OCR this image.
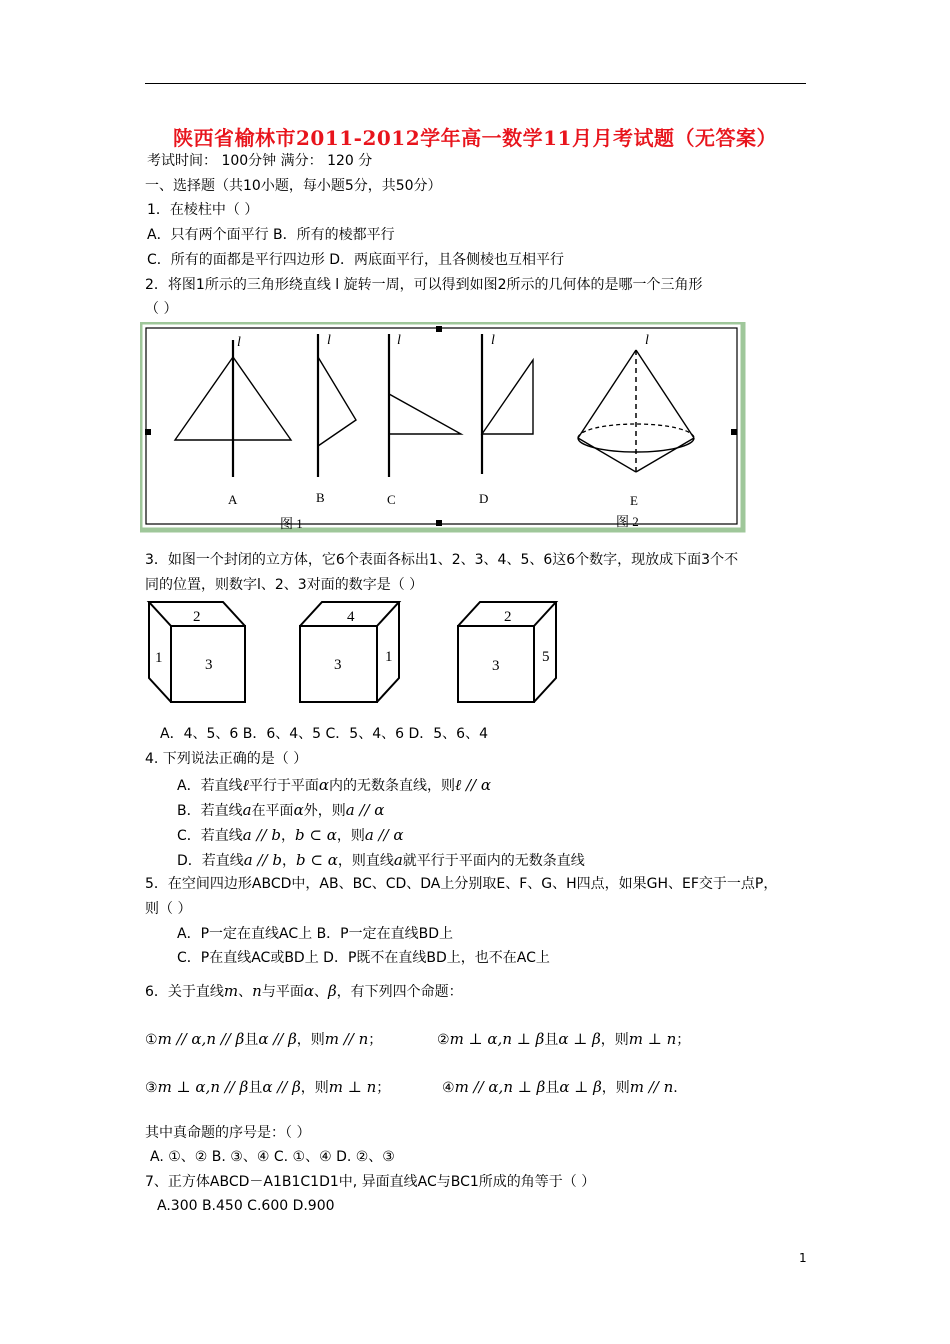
陕西省榆林市2011-2012学年高一数学11月月考试题（无答案）
考试时间： 100分钟 满分： 120 分
一、选择题（共10小题，每小题5分，共50分）
1．在棱柱中（ ）
A．只有两个面平行 B．所有的棱都平行
C．所有的面都是平行四边形 D．两底面平行，且各侧棱也互相平行
2．将图1所示的三角形绕直线 l 旋转一周，可以得到如图2所示的几何体的是哪一个三角形
（ ）
l	l	l	l	l
A	B	C	D	E
图 1	图 2
3．如图一个封闭的立方体，它6个表面各标出1、2、3、4、5、6这6个数字，现放成下面3个不
同的位置，则数字l、2、3对面的数字是（ ）
2
1	3
4
3	1
2
3
5
A．4、5、6 B．6、4、5 C．5、4、6 D．5、6、4
4. 下列说法正确的是（ ）
A．若直线ℓ平行于平面α内的无数条直线，则ℓ // α
B．若直线a在平面α外，则a // α
C．若直线a // b，b ⊂ α，则a // α
D．若直线a // b，b ⊂ α，则直线a就平行于平面内的无数条直线
5．在空间四边形ABCD中，AB、BC、CD、DA上分别取E、F、G、H四点，如果GH、EF交于一点P，
则（ ）
A．P一定在直线AC上 B．P一定在直线BD上
C．P在直线AC或BD上 D．P既不在直线BD上，也不在AC上
6．关于直线m、n与平面α、β，有下列四个命题：
①m // α,n // β且α // β，则m // n；	②m ⊥ α,n ⊥ β且α ⊥ β，则m ⊥ n；
③m ⊥ α,n // β且α // β，则m ⊥ n；	④m // α,n ⊥ β且α ⊥ β，则m // n.
其中真命题的序号是：（ ）
A. ①、② B. ③、④ C. ①、④ D. ②、③
7、正方体ABCD－A1B1C1D1中, 异面直线AC与BC1所成的角等于（ ）
A.300 B.450 C.600 D.900
1
